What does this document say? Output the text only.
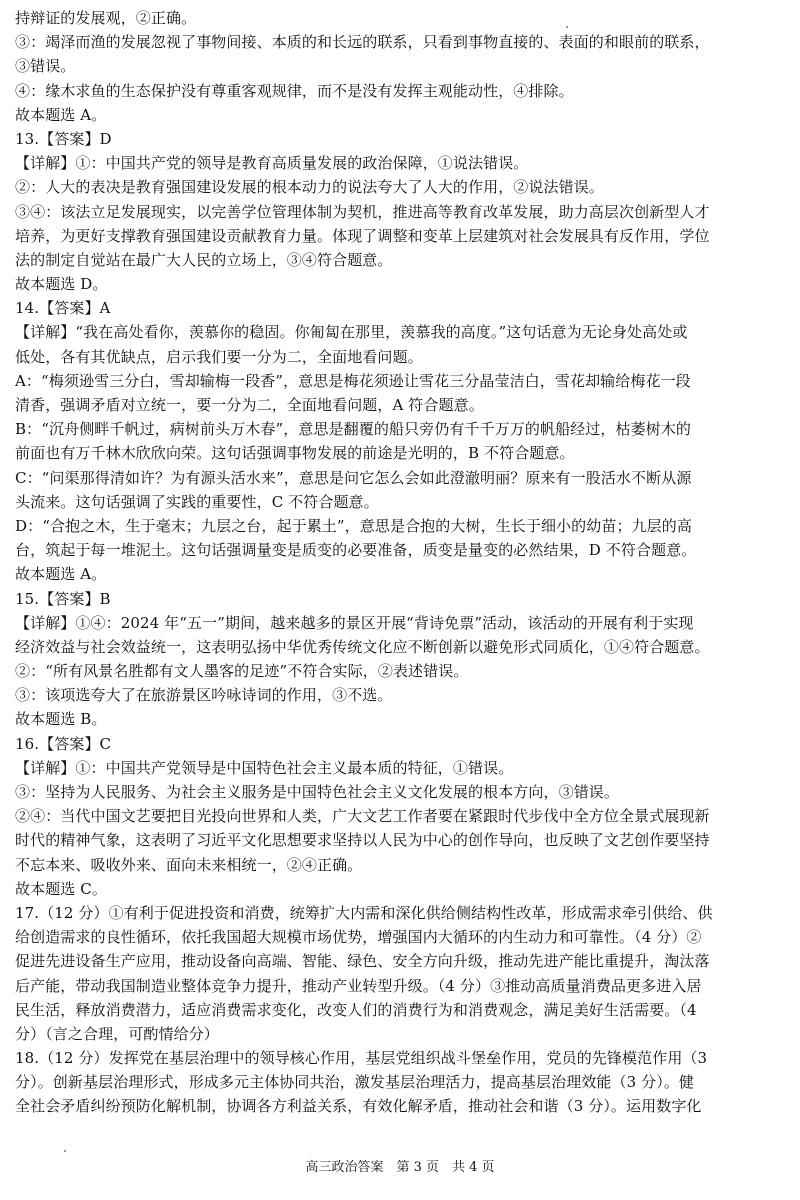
持辩证的发展观，②正确。
③：竭泽而渔的发展忽视了事物间接、本质的和长远的联系，只看到事物直接的、表面的和眼前的联系，
③错误。
④：缘木求鱼的生态保护没有尊重客观规律，而不是没有发挥主观能动性，④排除。
故本题选 A。
13.【答案】D
【详解】①：中国共产党的领导是教育高质量发展的政治保障，①说法错误。
②：人大的表决是教育强国建设发展的根本动力的说法夸大了人大的作用，②说法错误。
③④：该法立足发展现实，以完善学位管理体制为契机，推进高等教育改革发展，助力高层次创新型人才
培养，为更好支撑教育强国建设贡献教育力量。体现了调整和变革上层建筑对社会发展具有反作用，学位
法的制定自觉站在最广大人民的立场上，③④符合题意。
故本题选 D。
14.【答案】A
【详解】“我在高处看你，羡慕你的稳固。你匍匐在那里，羡慕我的高度。”这句话意为无论身处高处或
低处，各有其优缺点，启示我们要一分为二，全面地看问题。
A：“梅须逊雪三分白，雪却输梅一段香”，意思是梅花须逊让雪花三分晶莹洁白，雪花却输给梅花一段
清香，强调矛盾对立统一，要一分为二，全面地看问题，A 符合题意。
B：“沉舟侧畔千帆过，病树前头万木春”，意思是翻覆的船只旁仍有千千万万的帆船经过，枯萎树木的
前面也有万千林木欣欣向荣。这句话强调事物发展的前途是光明的，B 不符合题意。
C：“问渠那得清如许？为有源头活水来”，意思是问它怎么会如此澄澈明丽？原来有一股活水不断从源
头流来。这句话强调了实践的重要性，C 不符合题意。
D：“合抱之木，生于毫末；九层之台，起于累土”，意思是合抱的大树，生长于细小的幼苗；九层的高
台，筑起于每一堆泥土。这句话强调量变是质变的必要准备，质变是量变的必然结果，D 不符合题意。
故本题选 A。
15.【答案】B
【详解】①④：2024 年“五一”期间，越来越多的景区开展“背诗免票”活动，该活动的开展有利于实现
经济效益与社会效益统一，这表明弘扬中华优秀传统文化应不断创新以避免形式同质化，①④符合题意。
②：“所有风景名胜都有文人墨客的足迹”不符合实际，②表述错误。
③：该项选夸大了在旅游景区吟咏诗词的作用，③不选。
故本题选 B。
16.【答案】C
【详解】①：中国共产党领导是中国特色社会主义最本质的特征，①错误。
③：坚持为人民服务、为社会主义服务是中国特色社会主义文化发展的根本方向，③错误。
②④：当代中国文艺要把目光投向世界和人类，广大文艺工作者要在紧跟时代步伐中全方位全景式展现新
时代的精神气象，这表明了习近平文化思想要求坚持以人民为中心的创作导向，也反映了文艺创作要坚持
不忘本来、吸收外来、面向未来相统一，②④正确。
故本题选 C。
17.（12 分）①有利于促进投资和消费，统筹扩大内需和深化供给侧结构性改革，形成需求牵引供给、供
给创造需求的良性循环，依托我国超大规模市场优势，增强国内大循环的内生动力和可靠性。（4 分）②
促进先进设备生产应用，推动设备向高端、智能、绿色、安全方向升级，推动先进产能比重提升，淘汰落
后产能，带动我国制造业整体竞争力提升，推动产业转型升级。（4 分）③推动高质量消费品更多进入居
民生活，释放消费潜力，适应消费需求变化，改变人们的消费行为和消费观念，满足美好生活需要。（4
分）（言之合理，可酌情给分）
18.（12 分）发挥党在基层治理中的领导核心作用，基层党组织战斗堡垒作用，党员的先锋模范作用（3
分）。创新基层治理形式，形成多元主体协同共治，激发基层治理活力，提高基层治理效能（3 分）。健
全社会矛盾纠纷预防化解机制，协调各方利益关系，有效化解矛盾，推动社会和谐（3 分）。运用数字化
高三政治答案　第 3 页　共 4 页
